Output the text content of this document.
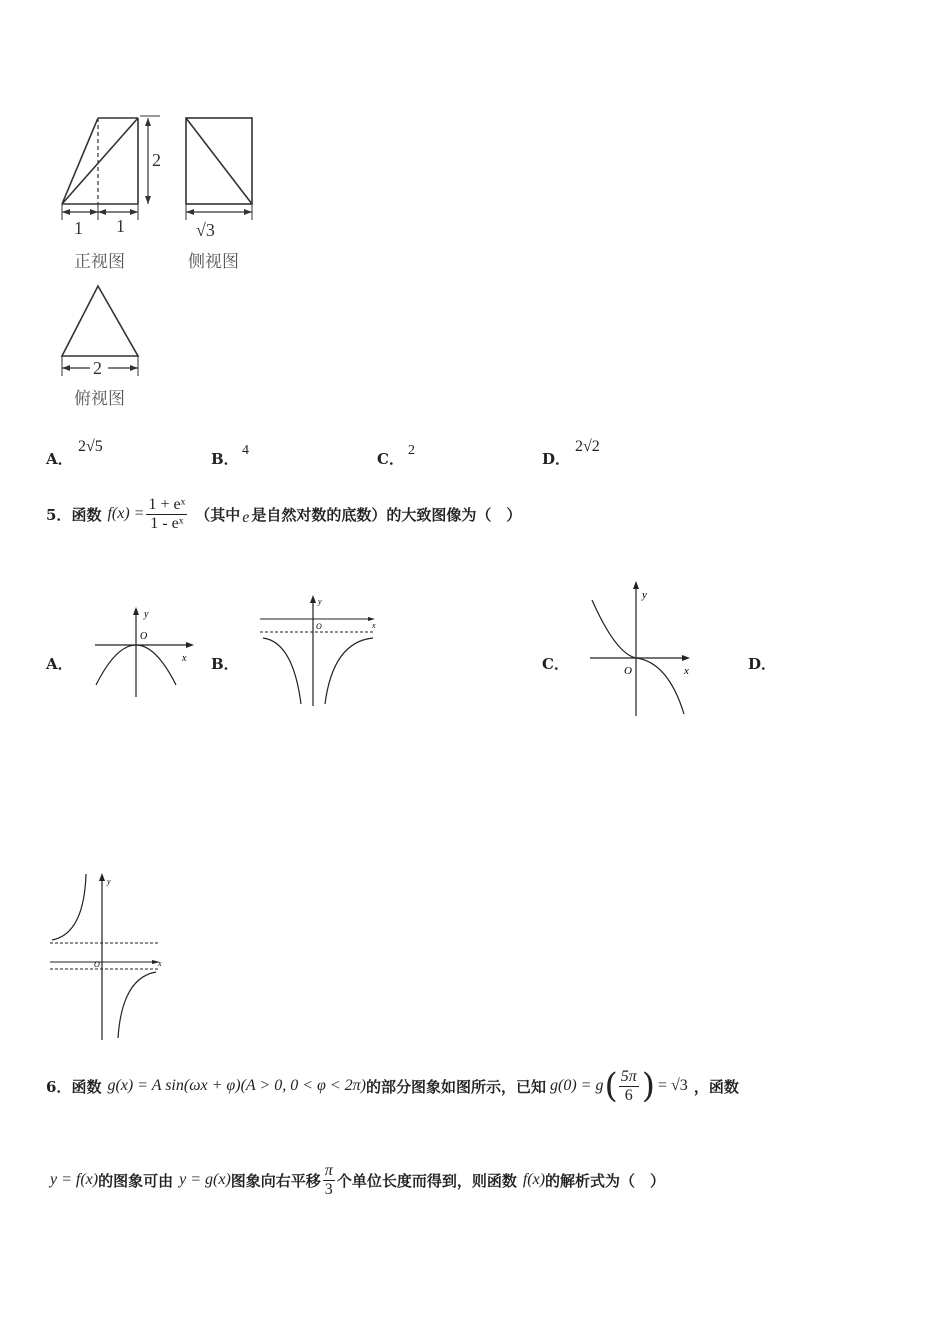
2
1 1	√3
2
正视图	侧视图
俯视图
A．
2√5
B． 4	C． 2	D．
2√2
5． 函数 $f(x) = \frac{\text{1 + eˣ}}{\text{1 - eˣ}}$ （其中 e 是自然对数的底数）的大致图像为（　）
A．	B．	C．	D．
y
x
O
y
x
O
y
x
O
y
x
O
6． 函数 g(x) = A sin(ωx + φ)(A > 0, 0 < φ < 2π) 的部分图象如图所示，已知 g(0) = g ( $\frac{5\pi}{6}$ ) = √3 ，函数
y = f(x) 的图象可由 y = g(x) 图象向右平移 $\frac{\pi}{3}$ 个单位长度而得到，则函数 f(x) 的解析式为（　）
